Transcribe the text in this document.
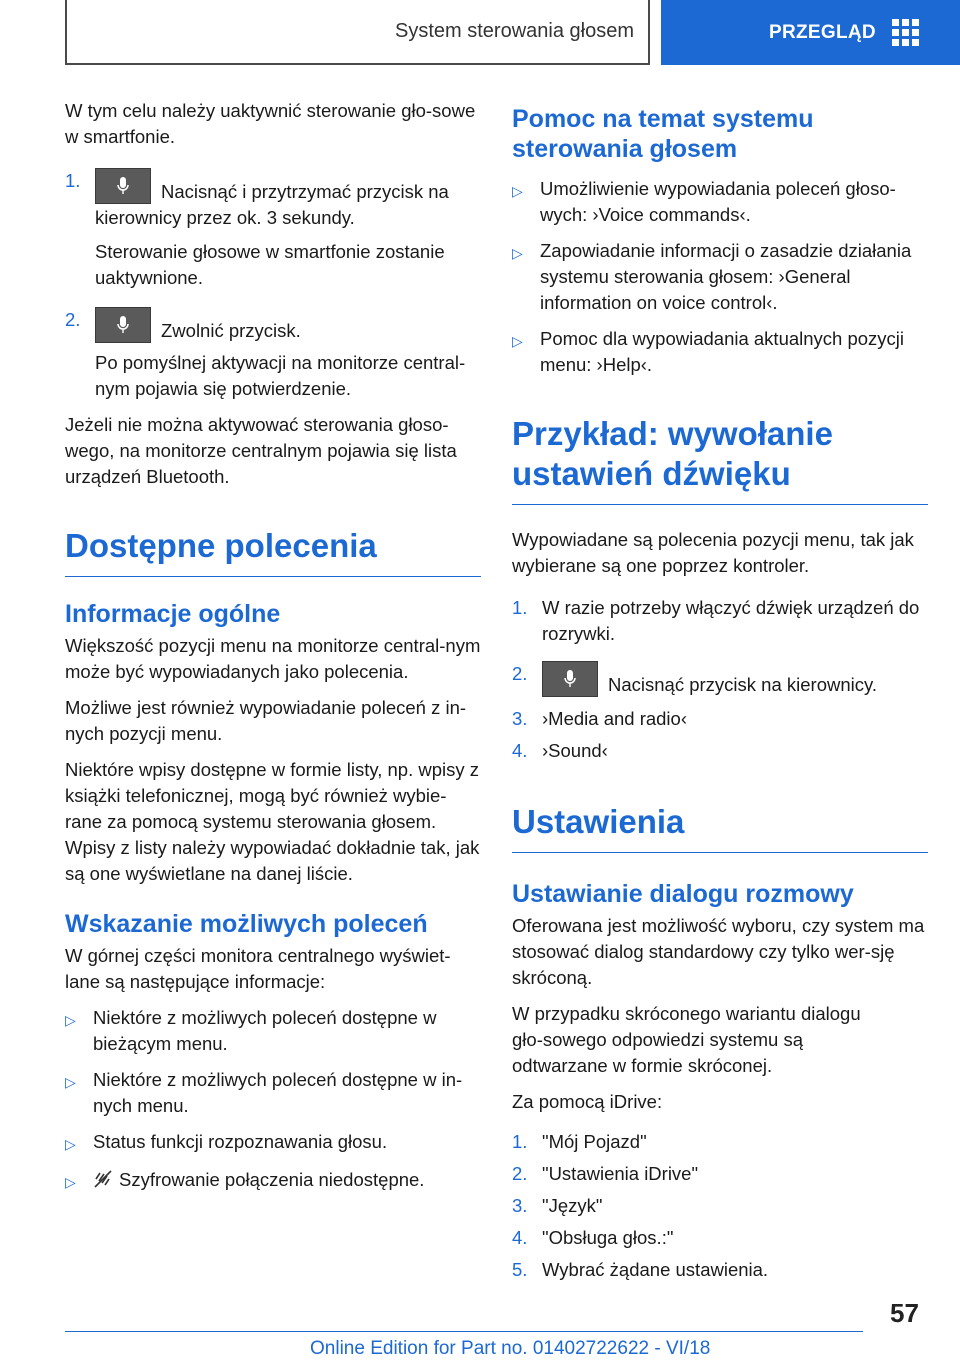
System sterowania głosem	PRZEGLĄD

W tym celu należy uaktywnić sterowanie gło-sowe w smartfonie.

1.
Nacisnąć i przytrzymać przycisk na kierownicy przez ok. 3 sekundy.

Sterowanie głosowe w smartfonie zostanie uaktywnione.

2.
Zwolnić przycisk.

Po pomyślnej aktywacji na monitorze central-nym pojawia się potwierdzenie.

Jeżeli nie można aktywować sterowania głoso-wego, na monitorze centralnym pojawia się lista urządzeń Bluetooth.

Dostępne polecenia
Informacje ogólne

Większość pozycji menu na monitorze central-nym może być wypowiadanych jako polecenia.

Możliwe jest również wypowiadanie poleceń z in-nych pozycji menu.

Niektóre wpisy dostępne w formie listy, np. wpisy z książki telefonicznej, mogą być również wybie-rane za pomocą systemu sterowania głosem. Wpisy z listy należy wypowiadać dokładnie tak, jak są one wyświetlane na danej liście.

Wskazanie możliwych poleceń

W górnej części monitora centralnego wyświet-lane są następujące informacje:

▷ Niektóre z możliwych poleceń dostępne w bieżącym menu.
▷ Niektóre z możliwych poleceń dostępne w in-nych menu.
▷ Status funkcji rozpoznawania głosu.
▷	Szyfrowanie połączenia niedostępne.
Pomoc na temat systemu sterowania głosem
▷ Umożliwienie wypowiadania poleceń głoso-wych: ›Voice commands‹.
▷ Zapowiadanie informacji o zasadzie działania systemu sterowania głosem: ›General information on voice control‹.
▷ Pomoc dla wypowiadania aktualnych pozycji menu: ›Help‹.
Przykład: wywołanie ustawień dźwięku

Wypowiadane są polecenia pozycji menu, tak jak wybierane są one poprzez kontroler.

1. W razie potrzeby włączyć dźwięk urządzeń do rozrywki.
2.
Nacisnąć przycisk na kierownicy.
3. ›Media and radio‹
4. ›Sound‹
Ustawienia
Ustawianie dialogu rozmowy

Oferowana jest możliwość wyboru, czy system ma stosować dialog standardowy czy tylko wer-sję skróconą.

W przypadku skróconego wariantu dialogu gło-sowego odpowiedzi systemu są odtwarzane w formie skróconej.

Za pomocą iDrive:

1. "Mój Pojazd"
2. "Ustawienia iDrive"
3. "Język"
4. "Obsługa głos.:"
5. Wybrać żądane ustawienia.
57
Online Edition for Part no. 01402722622 - VI/18
